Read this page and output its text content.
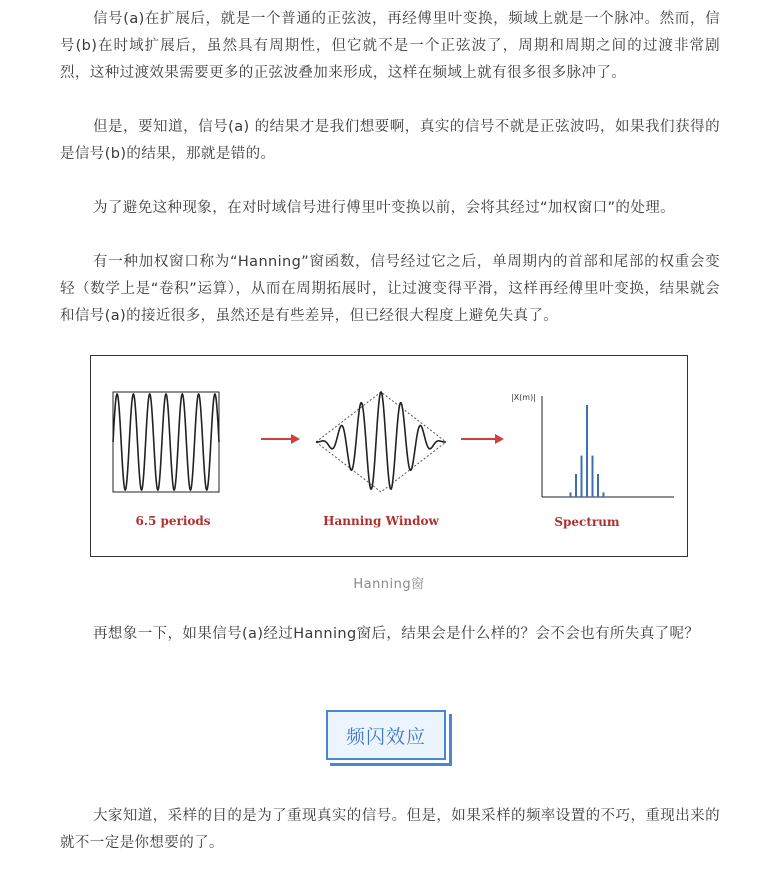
信号(a)在扩展后，就是一个普通的正弦波，再经傅里叶变换，频域上就是一个脉冲。然而，信号(b)在时域扩展后，虽然具有周期性，但它就不是一个正弦波了，周期和周期之间的过渡非常剧烈，这种过渡效果需要更多的正弦波叠加来形成，这样在频域上就有很多很多脉冲了。

但是，要知道，信号(a) 的结果才是我们想要啊，真实的信号不就是正弦波吗，如果我们获得的是信号(b)的结果，那就是错的。

为了避免这种现象，在对时域信号进行傅里叶变换以前，会将其经过“加权窗口”的处理。

有一种加权窗口称为“Hanning”窗函数，信号经过它之后，单周期内的首部和尾部的权重会变轻（数学上是“卷积”运算），从而在周期拓展时，让过渡变得平滑，这样再经傅里叶变换，结果就会和信号(a)的接近很多，虽然还是有些差异，但已经很大程度上避免失真了。

6.5 periods	Hanning Window
|X(m)|
Spectrum
Hanning窗

再想象一下，如果信号(a)经过Hanning窗后，结果会是什么样的？会不会也有所失真了呢？

频闪效应

大家知道，采样的目的是为了重现真实的信号。但是，如果采样的频率设置的不巧，重现出来的就不一定是你想要的了。
